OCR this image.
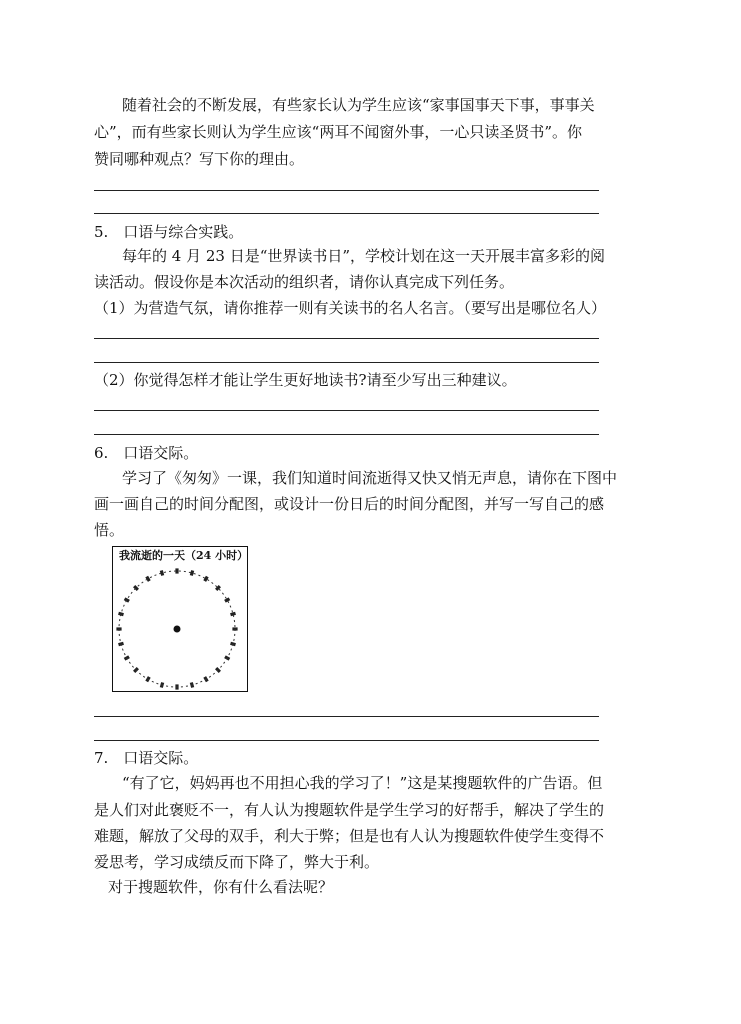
随着社会的不断发展，有些家长认为学生应该“家事国事天下事，事事关
心”，而有些家长则认为学生应该“两耳不闻窗外事，一心只读圣贤书”。你
赞同哪种观点？写下你的理由。
5.　口语与综合实践。
每年的 4 月 23 日是“世界读书日”，学校计划在这一天开展丰富多彩的阅
读活动。假设你是本次活动的组织者，请你认真完成下列任务。
（1）为营造气氛，请你推荐一则有关读书的名人名言。（要写出是哪位名人）
（2）你觉得怎样才能让学生更好地读书?请至少写出三种建议。
6.　口语交际。
学习了《匆匆》一课，我们知道时间流逝得又快又悄无声息，请你在下图中
画一画自己的时间分配图，或设计一份日后的时间分配图，并写一写自己的感
悟。
我流逝的一天（24 小时）
7.　口语交际。
“有了它，妈妈再也不用担心我的学习了！”这是某搜题软件的广告语。但
是人们对此褒贬不一，有人认为搜题软件是学生学习的好帮手，解决了学生的
难题，解放了父母的双手，利大于弊；但是也有人认为搜题软件使学生变得不
爱思考，学习成绩反而下降了，弊大于利。
对于搜题软件，你有什么看法呢？
